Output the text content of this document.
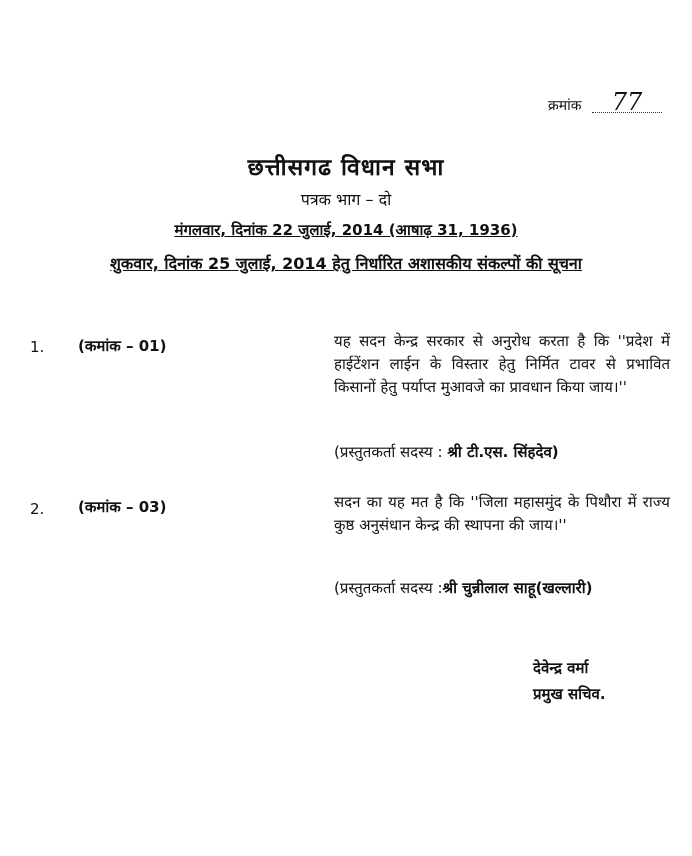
क्रमांक 77
छत्तीसगढ विधान सभा
पत्रक भाग – दो
मंगलवार, दिनांक 22 जुलाई, 2014 (आषाढ़ 31, 1936)
शुकवार, दिनांक 25 जुलाई, 2014 हेतु निर्धारित अशासकीय संकल्पों की सूचना
1. (कमांक – 01)	यह सदन केन्द्र सरकार से अनुरोध करता है कि ''प्रदेश में हाईटेंशन लाईन के विस्तार हेतु निर्मित टावर से प्रभावित किसानों हेतु पर्याप्त मुआवजे का प्रावधान किया जाय।''
(प्रस्तुतकर्ता सदस्य : श्री टी.एस. सिंहदेव)
2. (कमांक – 03)	सदन का यह मत है कि ''जिला महासमुंद के पिथौरा में राज्य कुष्ठ अनुसंधान केन्द्र की स्थापना की जाय।''
(प्रस्तुतकर्ता सदस्य :श्री चुन्नीलाल साहू(खल्लारी)
देवेन्द्र वर्मा
प्रमुख सचिव.
